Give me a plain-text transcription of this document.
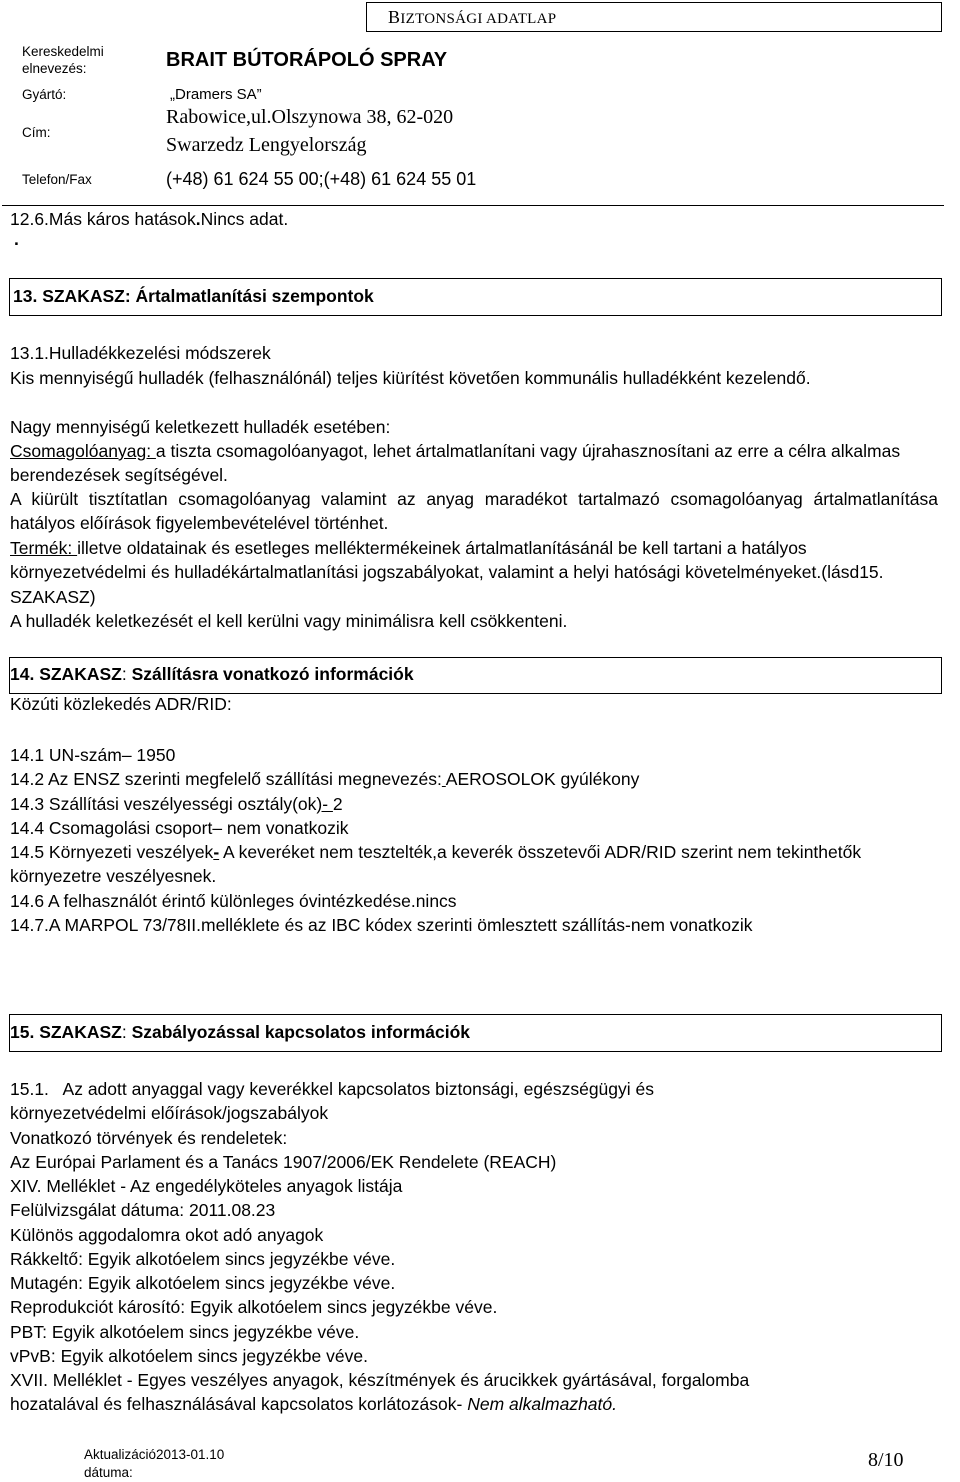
BIZTONSÁGI ADATLAP
Kereskedelmi
elnevezés:	BRAIT BÚTORÁPOLÓ SPRAY
Gyártó:	„Dramers SA”
Cím:
Rabowice,ul.Olszynowa 38, 62-020
Swarzedz Lengyelország
Telefon/Fax	(+48) 61 624 55 00;(+48) 61 624 55 01
12.6.Más káros hatások.Nincs adat.
.
13. SZAKASZ: Ártalmatlanítási szempontok
13.1.Hulladékkezelési módszerek
Kis mennyiségű hulladék (felhasználónál) teljes kiürítést követően kommunális hulladékként kezelendő.
Nagy mennyiségű keletkezett hulladék esetében:
Csomagolóanyag: a tiszta csomagolóanyagot, lehet ártalmatlanítani vagy újrahasznosítani az erre a célra alkalmas berendezések segítségével.
A kiürült tisztítatlan csomagolóanyag valamint az anyag maradékot tartalmazó csomagolóanyag ártalmatlanítása hatályos előírások figyelembevételével történhet.
Termék: illetve oldatainak és esetleges melléktermékeinek ártalmatlanításánál be kell tartani a hatályos környezetvédelmi és hulladékártalmatlanítási jogszabályokat, valamint a helyi hatósági követelményeket.(lásd15. SZAKASZ)
A hulladék keletkezését el kell kerülni vagy minimálisra kell csökkenteni.
14. SZAKASZ: Szállításra vonatkozó információk
Közúti közlekedés ADR/RID:
14.1 UN-szám– 1950
14.2 Az ENSZ szerinti megfelelő szállítási megnevezés: AEROSOLOK gyúlékony
14.3 Szállítási veszélyességi osztály(ok)- 2
14.4 Csomagolási csoport– nem vonatkozik
14.5 Környezeti veszélyek- A keveréket nem tesztelték,a keverék összetevői ADR/RID szerint nem tekinthetők környezetre veszélyesnek.
14.6 A felhasználót érintő különleges óvintézkedése.nincs
14.7.A MARPOL 73/78II.melléklete és az IBC kódex szerinti ömlesztett szállítás-nem vonatkozik
15. SZAKASZ: Szabályozással kapcsolatos információk
15.1.   Az adott anyaggal vagy keverékkel kapcsolatos biztonsági, egészségügyi és
környezetvédelmi előírások/jogszabályok
Vonatkozó törvények és rendeletek:
Az Európai Parlament és a Tanács 1907/2006/EK Rendelete (REACH)
XIV. Melléklet - Az engedélyköteles anyagok listája
Felülvizsgálat dátuma: 2011.08.23
Különös aggodalomra okot adó anyagok
Rákkeltő: Egyik alkotóelem sincs jegyzékbe véve.
Mutagén: Egyik alkotóelem sincs jegyzékbe véve.
Reprodukciót károsító: Egyik alkotóelem sincs jegyzékbe véve.
PBT: Egyik alkotóelem sincs jegyzékbe véve.
vPvB: Egyik alkotóelem sincs jegyzékbe véve.
XVII. Melléklet - Egyes veszélyes anyagok, készítmények és árucikkek gyártásával, forgalomba
hozatalával és felhasználásával kapcsolatos korlátozások- Nem alkalmazható.
Aktualizáció
dátuma:
2013-01.10	8/10
